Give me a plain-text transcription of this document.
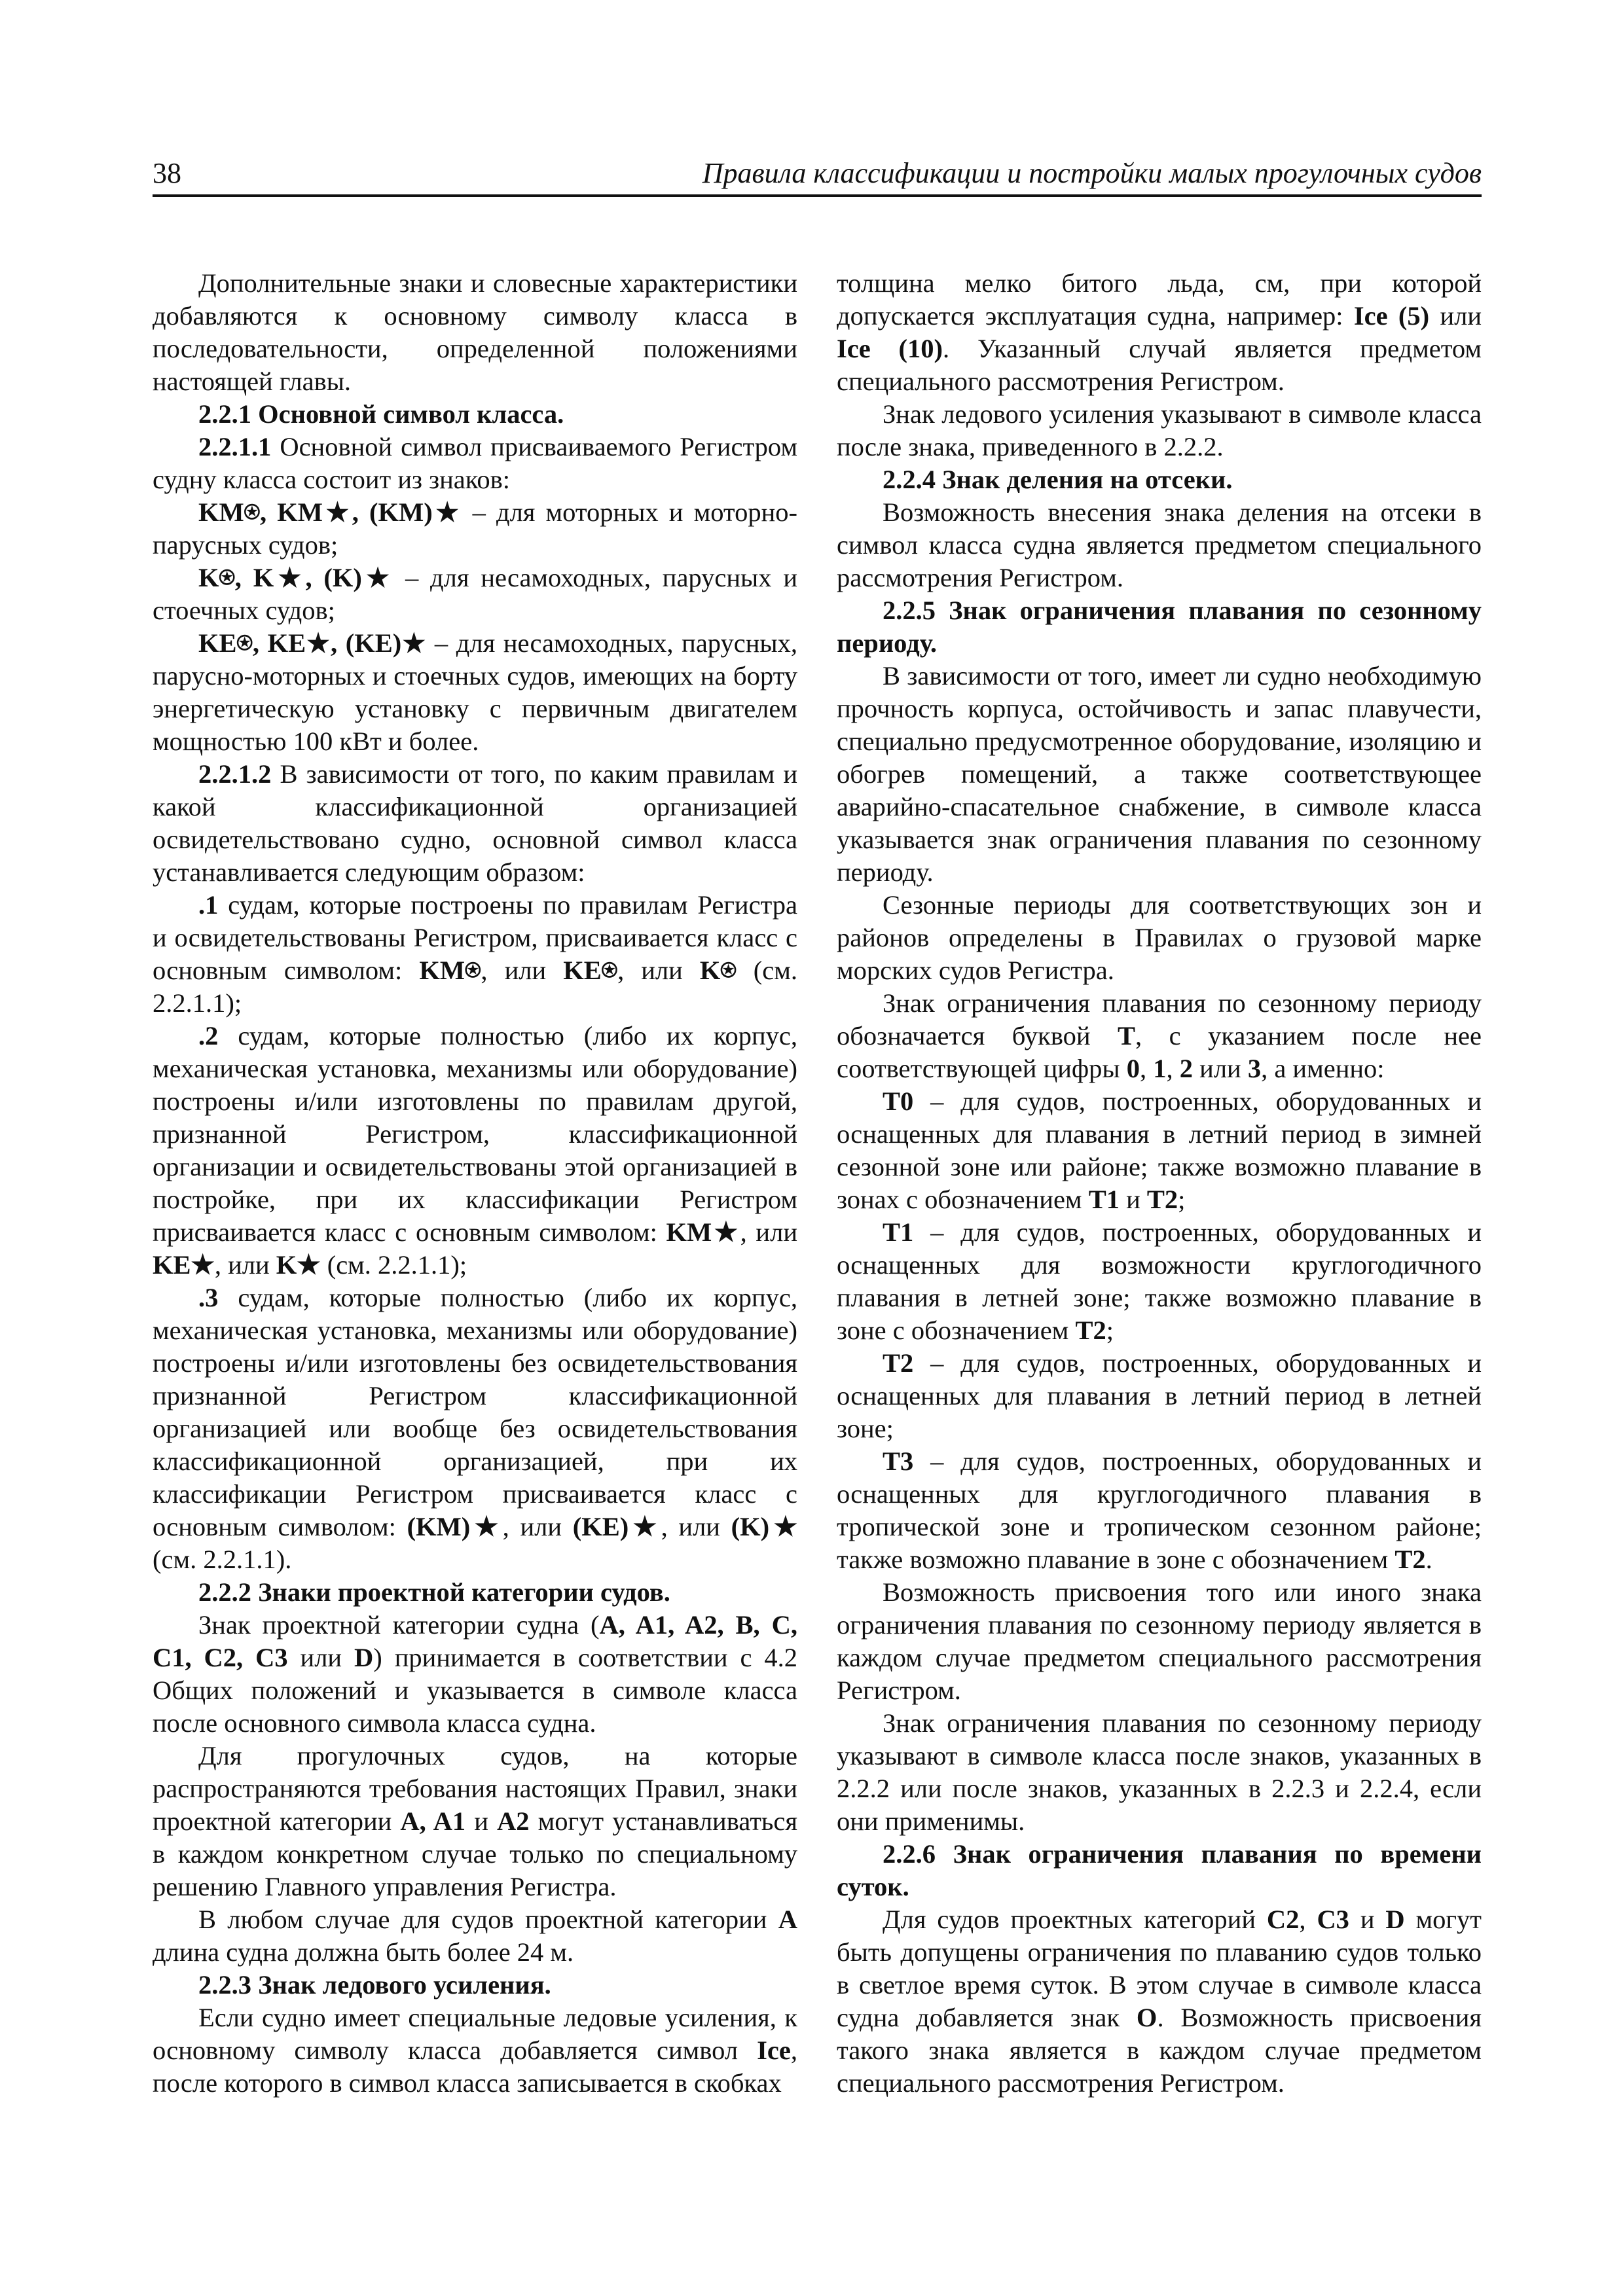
38	Правила классификации и постройки малых прогулочных судов

Дополнительные знаки и словесные характеристики добавляются к основному символу класса в последовательности, определенной положениями настоящей главы.

2.2.1 Основной символ класса.

2.2.1.1 Основной символ присваиваемого Регистром судну класса состоит из знаков:

KM⍟, KM★, (KM)★ – для моторных и моторно-парусных судов;

K⍟, K★, (K)★ – для несамоходных, парусных и стоечных судов;

KE⍟, KE★, (KE)★ – для несамоходных, парусных, парусно-моторных и стоечных судов, имеющих на борту энергетическую установку с первичным двигателем мощностью 100 кВт и более.

2.2.1.2 В зависимости от того, по каким правилам и какой классификационной организацией освидетельствовано судно, основной символ класса устанавливается следующим образом:

.1 судам, которые построены по правилам Регистра и освидетельствованы Регистром, присваивается класс с основным символом: KM⍟, или KE⍟, или K⍟ (см. 2.2.1.1);

.2 судам, которые полностью (либо их корпус, механическая установка, механизмы или оборудование) построены и/или изготовлены по правилам другой, признанной Регистром, классификационной организации и освидетельствованы этой организацией в постройке, при их классификации Регистром присваивается класс с основным символом: KM★, или KE★, или K★ (см. 2.2.1.1);

.3 судам, которые полностью (либо их корпус, механическая установка, механизмы или оборудование) построены и/или изготовлены без освидетельствования признанной Регистром классификационной организацией или вообще без освидетельствования классификационной организацией, при их классификации Регистром присваивается класс с основным символом: (KM)★, или (KE)★, или (K)★ (см. 2.2.1.1).

2.2.2 Знаки проектной категории судов.

Знак проектной категории судна (A, A1, A2, B, C, C1, C2, C3 или D) принимается в соответствии с 4.2 Общих положений и указывается в символе класса после основного символа класса судна.

Для прогулочных судов, на которые распространяются требования настоящих Правил, знаки проектной категории A, A1 и A2 могут устанавливаться в каждом конкретном случае только по специальному решению Главного управления Регистра.

В любом случае для судов проектной категории A длина судна должна быть более 24 м.

2.2.3 Знак ледового усиления.

Если судно имеет специальные ледовые усиления, к основному символу класса добавляется символ Ice, после которого в символ класса записывается в скобках

толщина мелко битого льда, см, при которой допускается эксплуатация судна, например: Ice (5) или Ice (10). Указанный случай является предметом специального рассмотрения Регистром.

Знак ледового усиления указывают в символе класса после знака, приведенного в 2.2.2.

2.2.4 Знак деления на отсеки.

Возможность внесения знака деления на отсеки в символ класса судна является предметом специального рассмотрения Регистром.

2.2.5 Знак ограничения плавания по сезонному периоду.

В зависимости от того, имеет ли судно необходимую прочность корпуса, остойчивость и запас плавучести, специально предусмотренное оборудование, изоляцию и обогрев помещений, а также соответствующее аварийно-спасательное снабжение, в символе класса указывается знак ограничения плавания по сезонному периоду.

Сезонные периоды для соответствующих зон и районов определены в Правилах о грузовой марке морских судов Регистра.

Знак ограничения плавания по сезонному периоду обозначается буквой T, с указанием после нее соответствующей цифры 0, 1, 2 или 3, а именно:

T0 – для судов, построенных, оборудованных и оснащенных для плавания в летний период в зимней сезонной зоне или районе; также возможно плавание в зонах с обозначением T1 и T2;

T1 – для судов, построенных, оборудованных и оснащенных для возможности круглогодичного плавания в летней зоне; также возможно плавание в зоне с обозначением T2;

T2 – для судов, построенных, оборудованных и оснащенных для плавания в летний период в летней зоне;

T3 – для судов, построенных, оборудованных и оснащенных для круглогодичного плавания в тропической зоне и тропическом сезонном районе; также возможно плавание в зоне с обозначением T2.

Возможность присвоения того или иного знака ограничения плавания по сезонному периоду является в каждом случае предметом специального рассмотрения Регистром.

Знак ограничения плавания по сезонному периоду указывают в символе класса после знаков, указанных в 2.2.2 или после знаков, указанных в 2.2.3 и 2.2.4, если они применимы.

2.2.6 Знак ограничения плавания по времени суток.

Для судов проектных категорий C2, C3 и D могут быть допущены ограничения по плаванию судов только в светлое время суток. В этом случае в символе класса судна добавляется знак O. Возможность присвоения такого знака является в каждом случае предметом специального рассмотрения Регистром.
